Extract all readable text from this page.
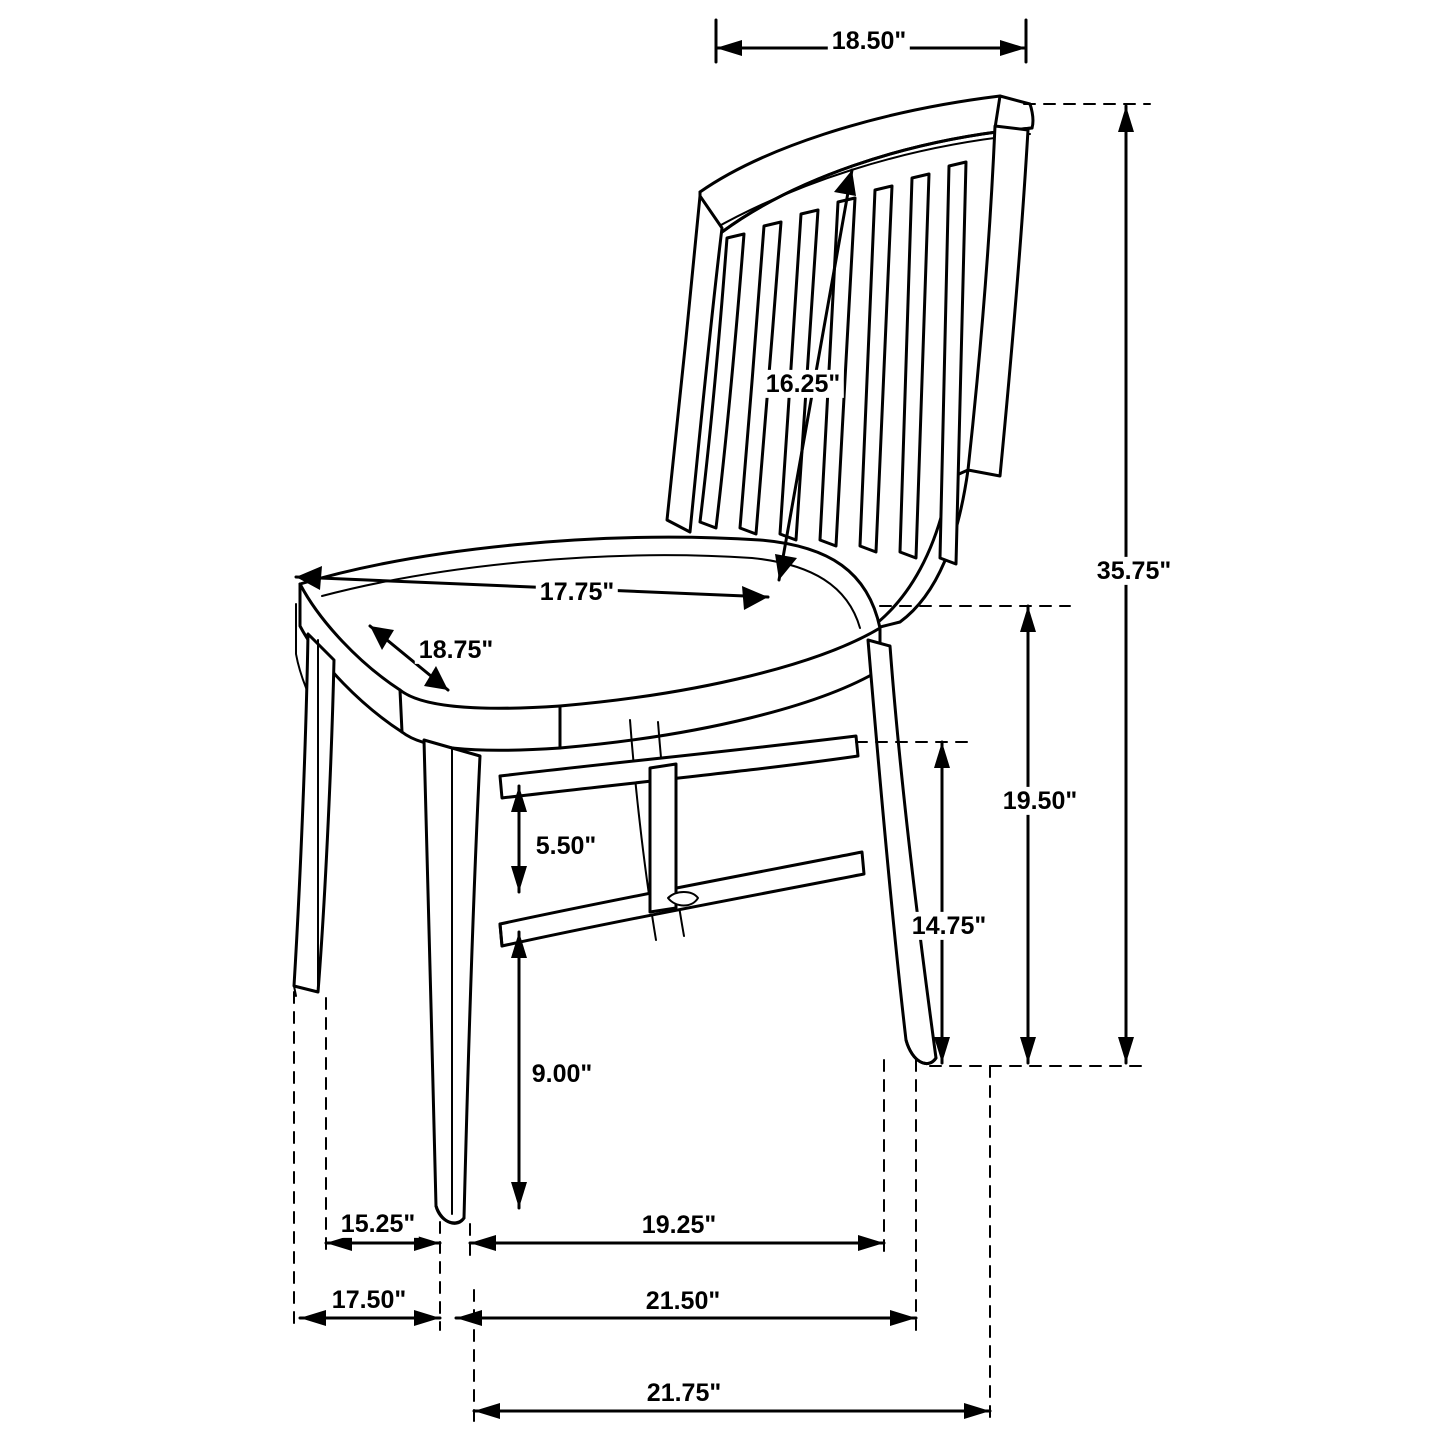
18.50"
16.25"
35.75"
17.75"
18.75"
19.50"
5.50"
14.75"
9.00"
15.25"	19.25"
17.50"	21.50"
21.75"
